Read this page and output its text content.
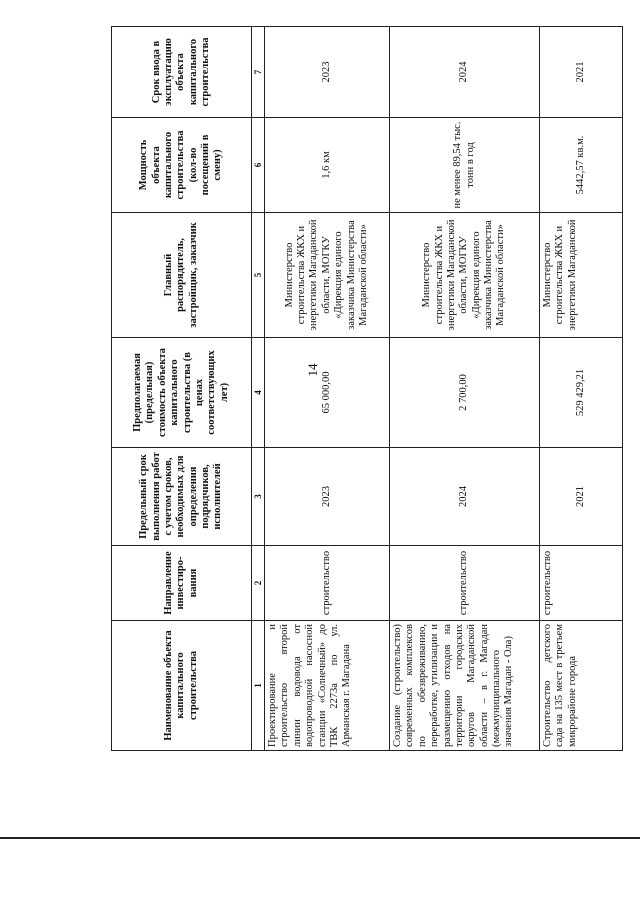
14
Наименование объекта капитального строительства	Направление инвестиро-вания	Предельный срок выполнения работ с учетом сроков, необходимых для определения подрядчиков, исполнителей	Предполагаемая (предельная) стоимость объекта капитального строительства (в ценах соответствующих лет)	Главный распорядитель, застройщик, заказчик	Мощность объекта капитального строительства (кол-во посещений в смену)	Срок ввода в эксплуатацию объекта капитального строительства
1	2	3	4	5	6	7
Проектирование и строительство второй линии водовода от водопроводной насосной станции «Солнечный» до ТВК 2273а по ул. Арманская г. Магадана	строительство	2023	65 000,00	Министерство строительства ЖКХ и энергетики Магаданской области, МОГКУ «Дирекция единого заказчика Министерства Магаданской области»	1,6 км	2023
Создание (строительство) современных комплексов по обезвреживанию, переработке, утилизации и размещению отходов на территории городских округов Магаданской области – в г. Магадан (межмуниципального значения Магадан - Ола)	строительство	2024	2 700,00	Министерство строительства ЖКХ и энергетики Магаданской области, МОГКУ «Дирекция единого заказчика Министерства Магаданской области»	не менее 89,54 тыс. тонн в год	2024
Строительство детского сада на 135 мест в третьем микрорайоне города	строительство	2021	529 429,21	Министерство строительства ЖКХ и энергетики Магаданской	5442,57 кв.м.	2021
